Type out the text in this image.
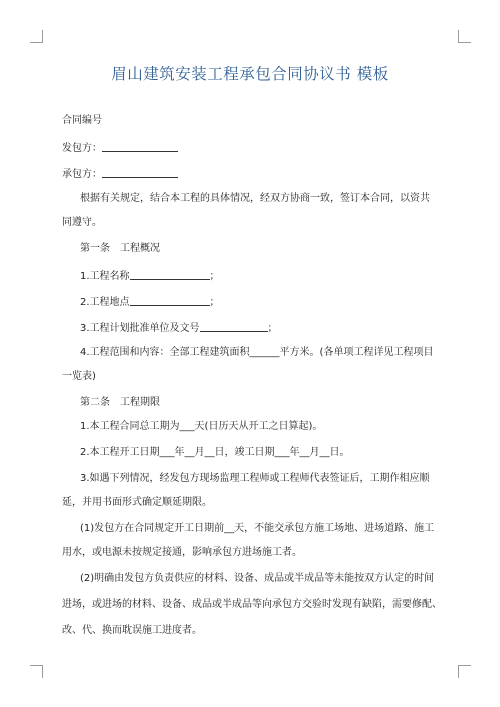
眉山建筑安装工程承包合同协议书 模板
合同编号
发包方：
承包方：
根据有关规定，结合本工程的具体情况，经双方协商一致，签订本合同，以资共
同遵守。
第一条　工程概况
1.工程名称	；
2.工程地点	；
3.工程计划批准单位及文号	；
4.工程范围和内容：全部工程建筑面积______平方米。(各单项工程详见工程项目
一览表)
第二条　工程期限
1.本工程合同总工期为___天(日历天从开工之日算起)。
2.本工程开工日期___年__月__日，竣工日期___年__月__日。
3.如遇下列情况，经发包方现场监理工程师或工程师代表签证后，工期作相应顺
延，并用书面形式确定顺延期限。
(1)发包方在合同规定开工日期前__天，不能交承包方施工场地、进场道路、施工
用水，或电源未按规定接通，影响承包方进场施工者。
(2)明确由发包方负责供应的材料、设备、成品或半成品等未能按双方认定的时间
进场，或进场的材料、设备、成品或半成品等向承包方交验时发现有缺陷，需要修配、
改、代、换而耽误施工进度者。
